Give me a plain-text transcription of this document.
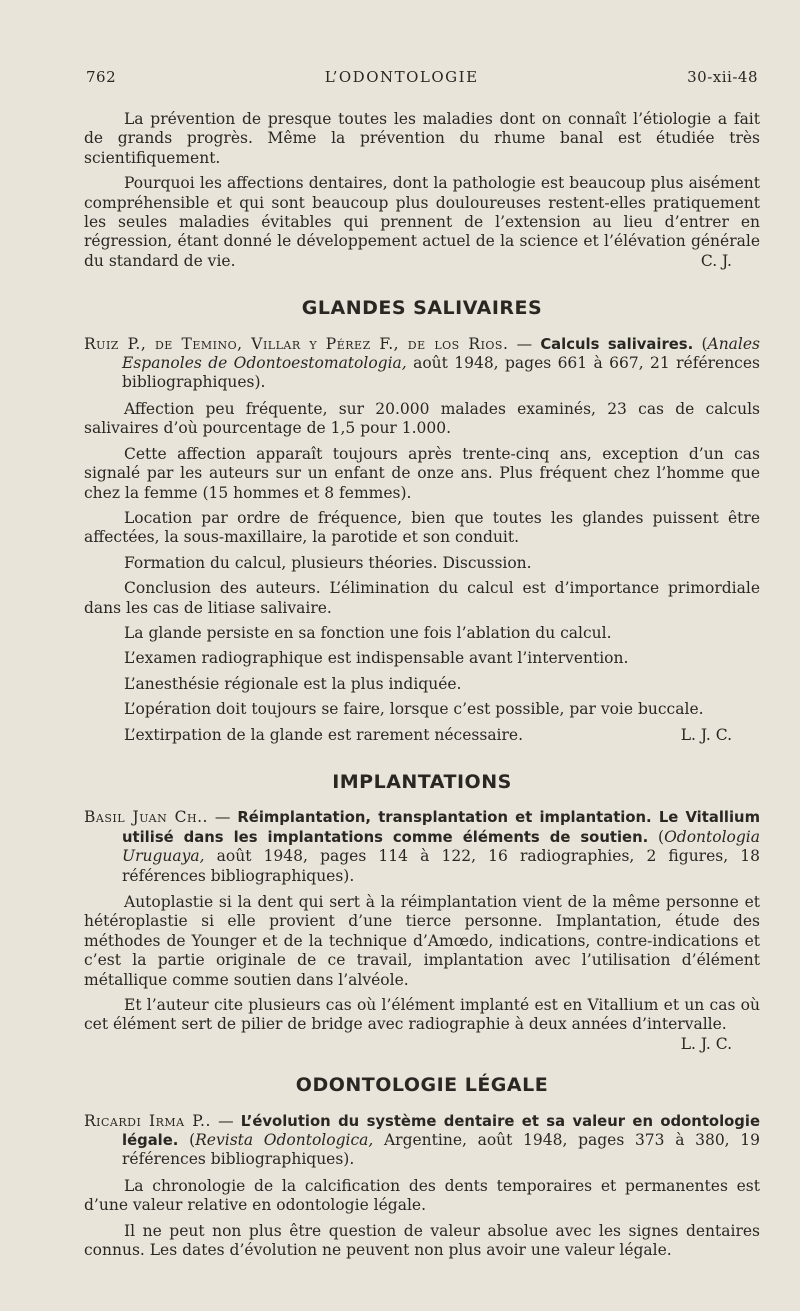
762	L’ODONTOLOGIE	30-xii-48

La prévention de presque toutes les maladies dont on connaît l’étiologie a fait de grands progrès. Même la prévention du rhume banal est étudiée très scientifiquement.

Pourquoi les affections dentaires, dont la pathologie est beaucoup plus aisément compréhensible et qui sont beaucoup plus douloureuses restent-elles pratiquement les seules maladies évitables qui prennent de l’extension au lieu d’entrer en régression, étant donné le développement actuel de la science et l’élévation générale du standard de vie.	C. J.

GLANDES SALIVAIRES

Ruiz P., de Temino, Villar y Pérez F., de los Rios. — Calculs salivaires. (Anales Espanoles de Odontoestomatologia, août 1948, pages 661 à 667, 21 références bibliographiques).

Affection peu fréquente, sur 20.000 malades examinés, 23 cas de calculs salivaires d’où pourcentage de 1,5 pour 1.000.

Cette affection apparaît toujours après trente-cinq ans, exception d’un cas signalé par les auteurs sur un enfant de onze ans. Plus fréquent chez l’homme que chez la femme (15 hommes et 8 femmes).

Location par ordre de fréquence, bien que toutes les glandes puissent être affectées, la sous-maxillaire, la parotide et son conduit.

Formation du calcul, plusieurs théories. Discussion.

Conclusion des auteurs. L’élimination du calcul est d’importance primordiale dans les cas de litiase salivaire.

La glande persiste en sa fonction une fois l’ablation du calcul.

L’examen radiographique est indispensable avant l’intervention.

L’anesthésie régionale est la plus indiquée.

L’opération doit toujours se faire, lorsque c’est possible, par voie buccale.

L’extirpation de la glande est rarement nécessaire.	L. J. C.

IMPLANTATIONS

Basil Juan Ch.. — Réimplantation, transplantation et implantation. Le Vitallium utilisé dans les implantations comme éléments de soutien. (Odontologia Uruguaya, août 1948, pages 114 à 122, 16 radiographies, 2 figures, 18 références bibliographiques).

Autoplastie si la dent qui sert à la réimplantation vient de la même personne et hétéroplastie si elle provient d’une tierce personne. Implantation, étude des méthodes de Younger et de la technique d’Amœdo, indications, contre-indications et c’est la partie originale de ce travail, implantation avec l’utilisation d’élément métallique comme soutien dans l’alvéole.

Et l’auteur cite plusieurs cas où l’élément implanté est en Vitallium et un cas où cet élément sert de pilier de bridge avec radiographie à deux années d’intervalle.
L. J. C.

ODONTOLOGIE LÉGALE

Ricardi Irma P.. — L’évolution du système dentaire et sa valeur en odontologie légale. (Revista Odontologica, Argentine, août 1948, pages 373 à 380, 19 références bibliographiques).

La chronologie de la calcification des dents temporaires et permanentes est d’une valeur relative en odontologie légale.

Il ne peut non plus être question de valeur absolue avec les signes dentaires connus. Les dates d’évolution ne peuvent non plus avoir une valeur légale.
